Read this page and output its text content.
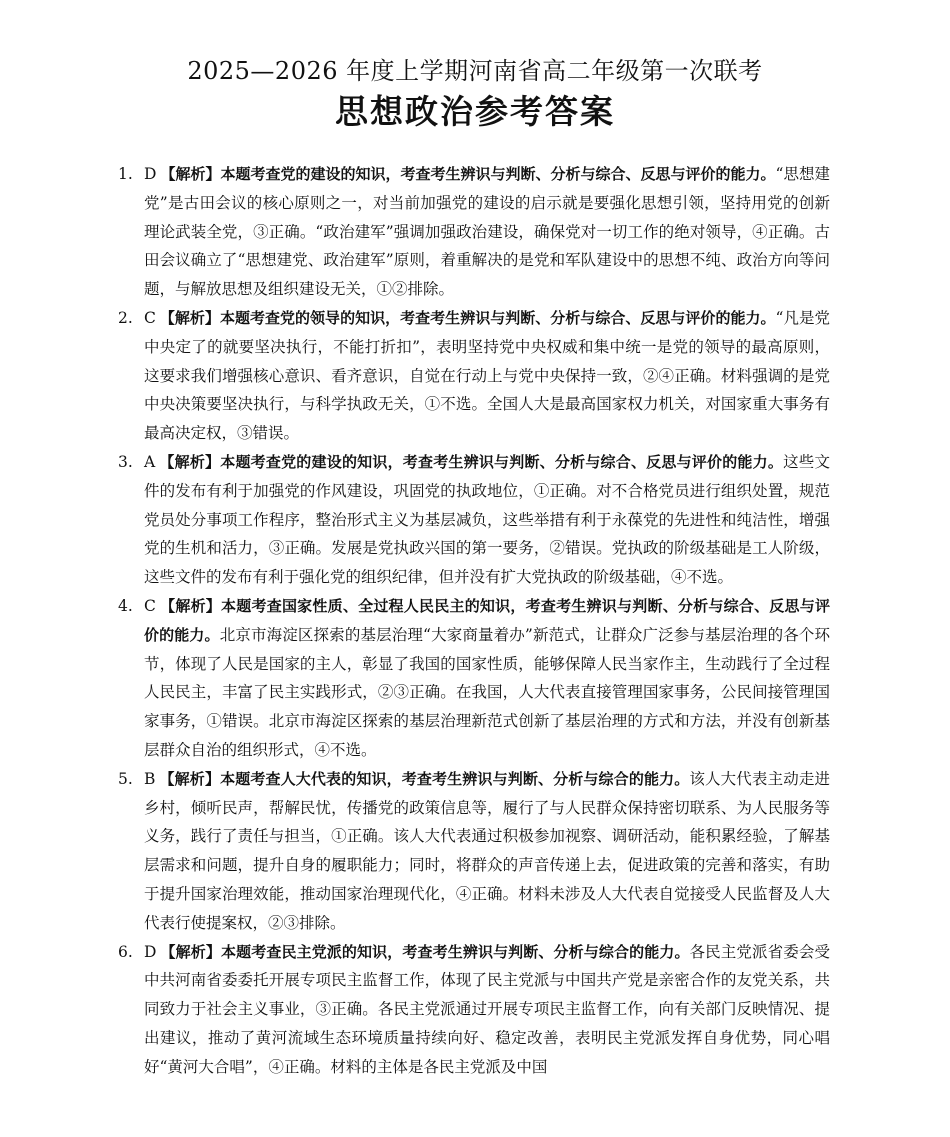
2025—2026 年度上学期河南省高二年级第一次联考
思想政治参考答案
1. D 【解析】本题考查党的建设的知识，考查考生辨识与判断、分析与综合、反思与评价的能力。“思想建党”是古田会议的核心原则之一，对当前加强党的建设的启示就是要强化思想引领，坚持用党的创新理论武装全党，③正确。“政治建军”强调加强政治建设，确保党对一切工作的绝对领导，④正确。古田会议确立了“思想建党、政治建军”原则，着重解决的是党和军队建设中的思想不纯、政治方向等问题，与解放思想及组织建设无关，①②排除。
2. C 【解析】本题考查党的领导的知识，考查考生辨识与判断、分析与综合、反思与评价的能力。“凡是党中央定了的就要坚决执行，不能打折扣”，表明坚持党中央权威和集中统一是党的领导的最高原则，这要求我们增强核心意识、看齐意识，自觉在行动上与党中央保持一致，②④正确。材料强调的是党中央决策要坚决执行，与科学执政无关，①不选。全国人大是最高国家权力机关，对国家重大事务有最高决定权，③错误。
3. A 【解析】本题考查党的建设的知识，考查考生辨识与判断、分析与综合、反思与评价的能力。这些文件的发布有利于加强党的作风建设，巩固党的执政地位，①正确。对不合格党员进行组织处置，规范党员处分事项工作程序，整治形式主义为基层减负，这些举措有利于永葆党的先进性和纯洁性，增强党的生机和活力，③正确。发展是党执政兴国的第一要务，②错误。党执政的阶级基础是工人阶级，这些文件的发布有利于强化党的组织纪律，但并没有扩大党执政的阶级基础，④不选。
4. C 【解析】本题考查国家性质、全过程人民民主的知识，考查考生辨识与判断、分析与综合、反思与评价的能力。北京市海淀区探索的基层治理“大家商量着办”新范式，让群众广泛参与基层治理的各个环节，体现了人民是国家的主人，彰显了我国的国家性质，能够保障人民当家作主，生动践行了全过程人民民主，丰富了民主实践形式，②③正确。在我国，人大代表直接管理国家事务，公民间接管理国家事务，①错误。北京市海淀区探索的基层治理新范式创新了基层治理的方式和方法，并没有创新基层群众自治的组织形式，④不选。
5. B 【解析】本题考查人大代表的知识，考查考生辨识与判断、分析与综合的能力。该人大代表主动走进乡村，倾听民声，帮解民忧，传播党的政策信息等，履行了与人民群众保持密切联系、为人民服务等义务，践行了责任与担当，①正确。该人大代表通过积极参加视察、调研活动，能积累经验，了解基层需求和问题，提升自身的履职能力；同时，将群众的声音传递上去，促进政策的完善和落实，有助于提升国家治理效能，推动国家治理现代化，④正确。材料未涉及人大代表自觉接受人民监督及人大代表行使提案权，②③排除。
6. D 【解析】本题考查民主党派的知识，考查考生辨识与判断、分析与综合的能力。各民主党派省委会受中共河南省委委托开展专项民主监督工作，体现了民主党派与中国共产党是亲密合作的友党关系，共同致力于社会主义事业，③正确。各民主党派通过开展专项民主监督工作，向有关部门反映情况、提出建议，推动了黄河流域生态环境质量持续向好、稳定改善，表明民主党派发挥自身优势，同心唱好“黄河大合唱”，④正确。材料的主体是各民主党派及中国
